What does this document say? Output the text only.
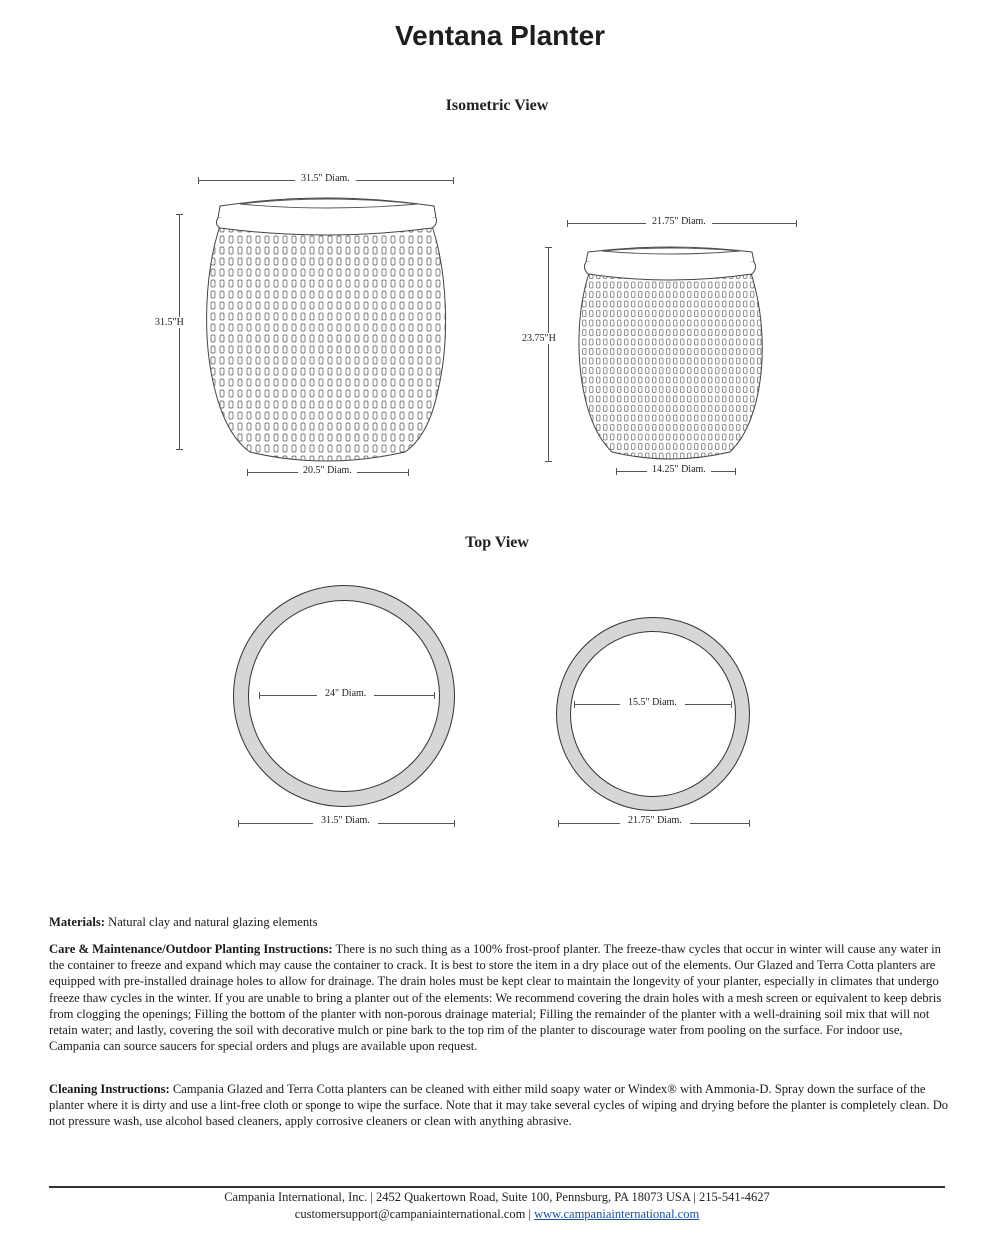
Ventana Planter
Isometric View
31.5" Diam.
31.5"H
20.5" Diam.
21.75" Diam.
23.75"H
14.25" Diam.
Top View
24" Diam.
31.5" Diam.
15.5" Diam.
21.75" Diam.
Materials: Natural clay and natural glazing elements
Care & Maintenance/Outdoor Planting Instructions: There is no such thing as a 100% frost-proof planter. The freeze-thaw cycles that occur in winter will cause any water in the container to freeze and expand which may cause the container to crack. It is best to store the item in a dry place out of the elements. Our Glazed and Terra Cotta planters are equipped with pre-installed drainage holes to allow for drainage. The drain holes must be kept clear to maintain the longevity of your planter, especially in climates that undergo freeze thaw cycles in the winter. If you are unable to bring a planter out of the elements: We recommend covering the drain holes with a mesh screen or equivalent to keep debris from clogging the openings; Filling the bottom of the planter with non-porous drainage material; Filling the remainder of the planter with a well-draining soil mix that will not retain water; and lastly, covering the soil with decorative mulch or pine bark to the top rim of the planter to discourage water from pooling on the surface. For indoor use, Campania can source saucers for special orders and plugs are available upon request.
Cleaning Instructions: Campania Glazed and Terra Cotta planters can be cleaned with either mild soapy water or Windex® with Ammonia-D. Spray down the surface of the planter where it is dirty and use a lint-free cloth or sponge to wipe the surface. Note that it may take several cycles of wiping and drying before the planter is completely clean. Do not pressure wash, use alcohol based cleaners, apply corrosive cleaners or clean with anything abrasive.
Campania International, Inc. | 2452 Quakertown Road, Suite 100, Pennsburg, PA 18073 USA | 215-541-4627
customersupport@campaniainternational.com | www.campaniainternational.com
